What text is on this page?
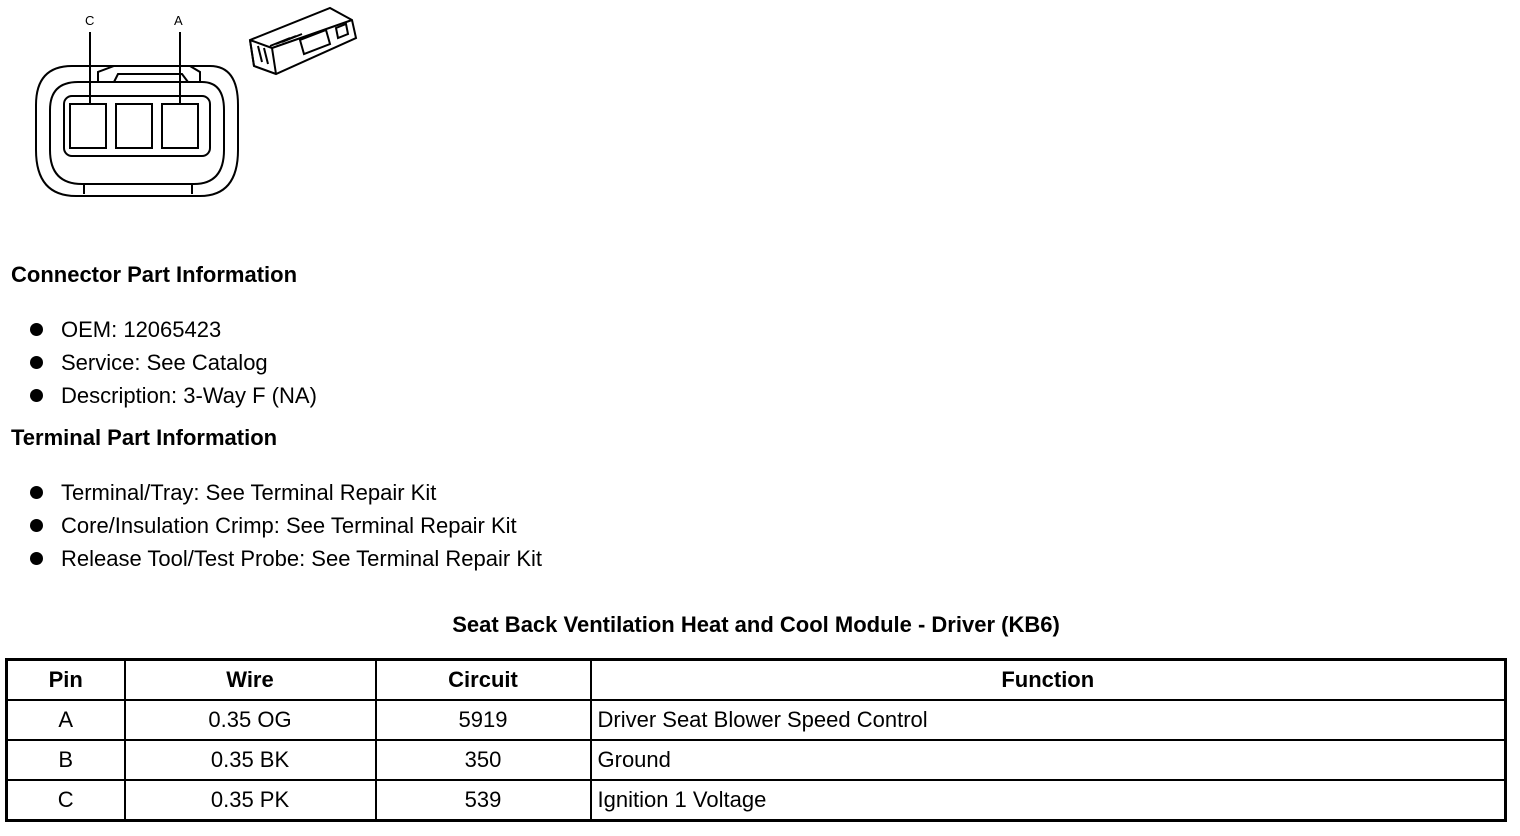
C	A
Connector Part Information
OEM: 12065423
Service: See Catalog
Description: 3-Way F (NA)
Terminal Part Information
Terminal/Tray: See Terminal Repair Kit
Core/Insulation Crimp: See Terminal Repair Kit
Release Tool/Test Probe: See Terminal Repair Kit
Seat Back Ventilation Heat and Cool Module - Driver (KB6)
Pin	Wire	Circuit	Function
A	0.35 OG	5919	Driver Seat Blower Speed Control
B	0.35 BK	350	Ground
C	0.35 PK	539	Ignition 1 Voltage
